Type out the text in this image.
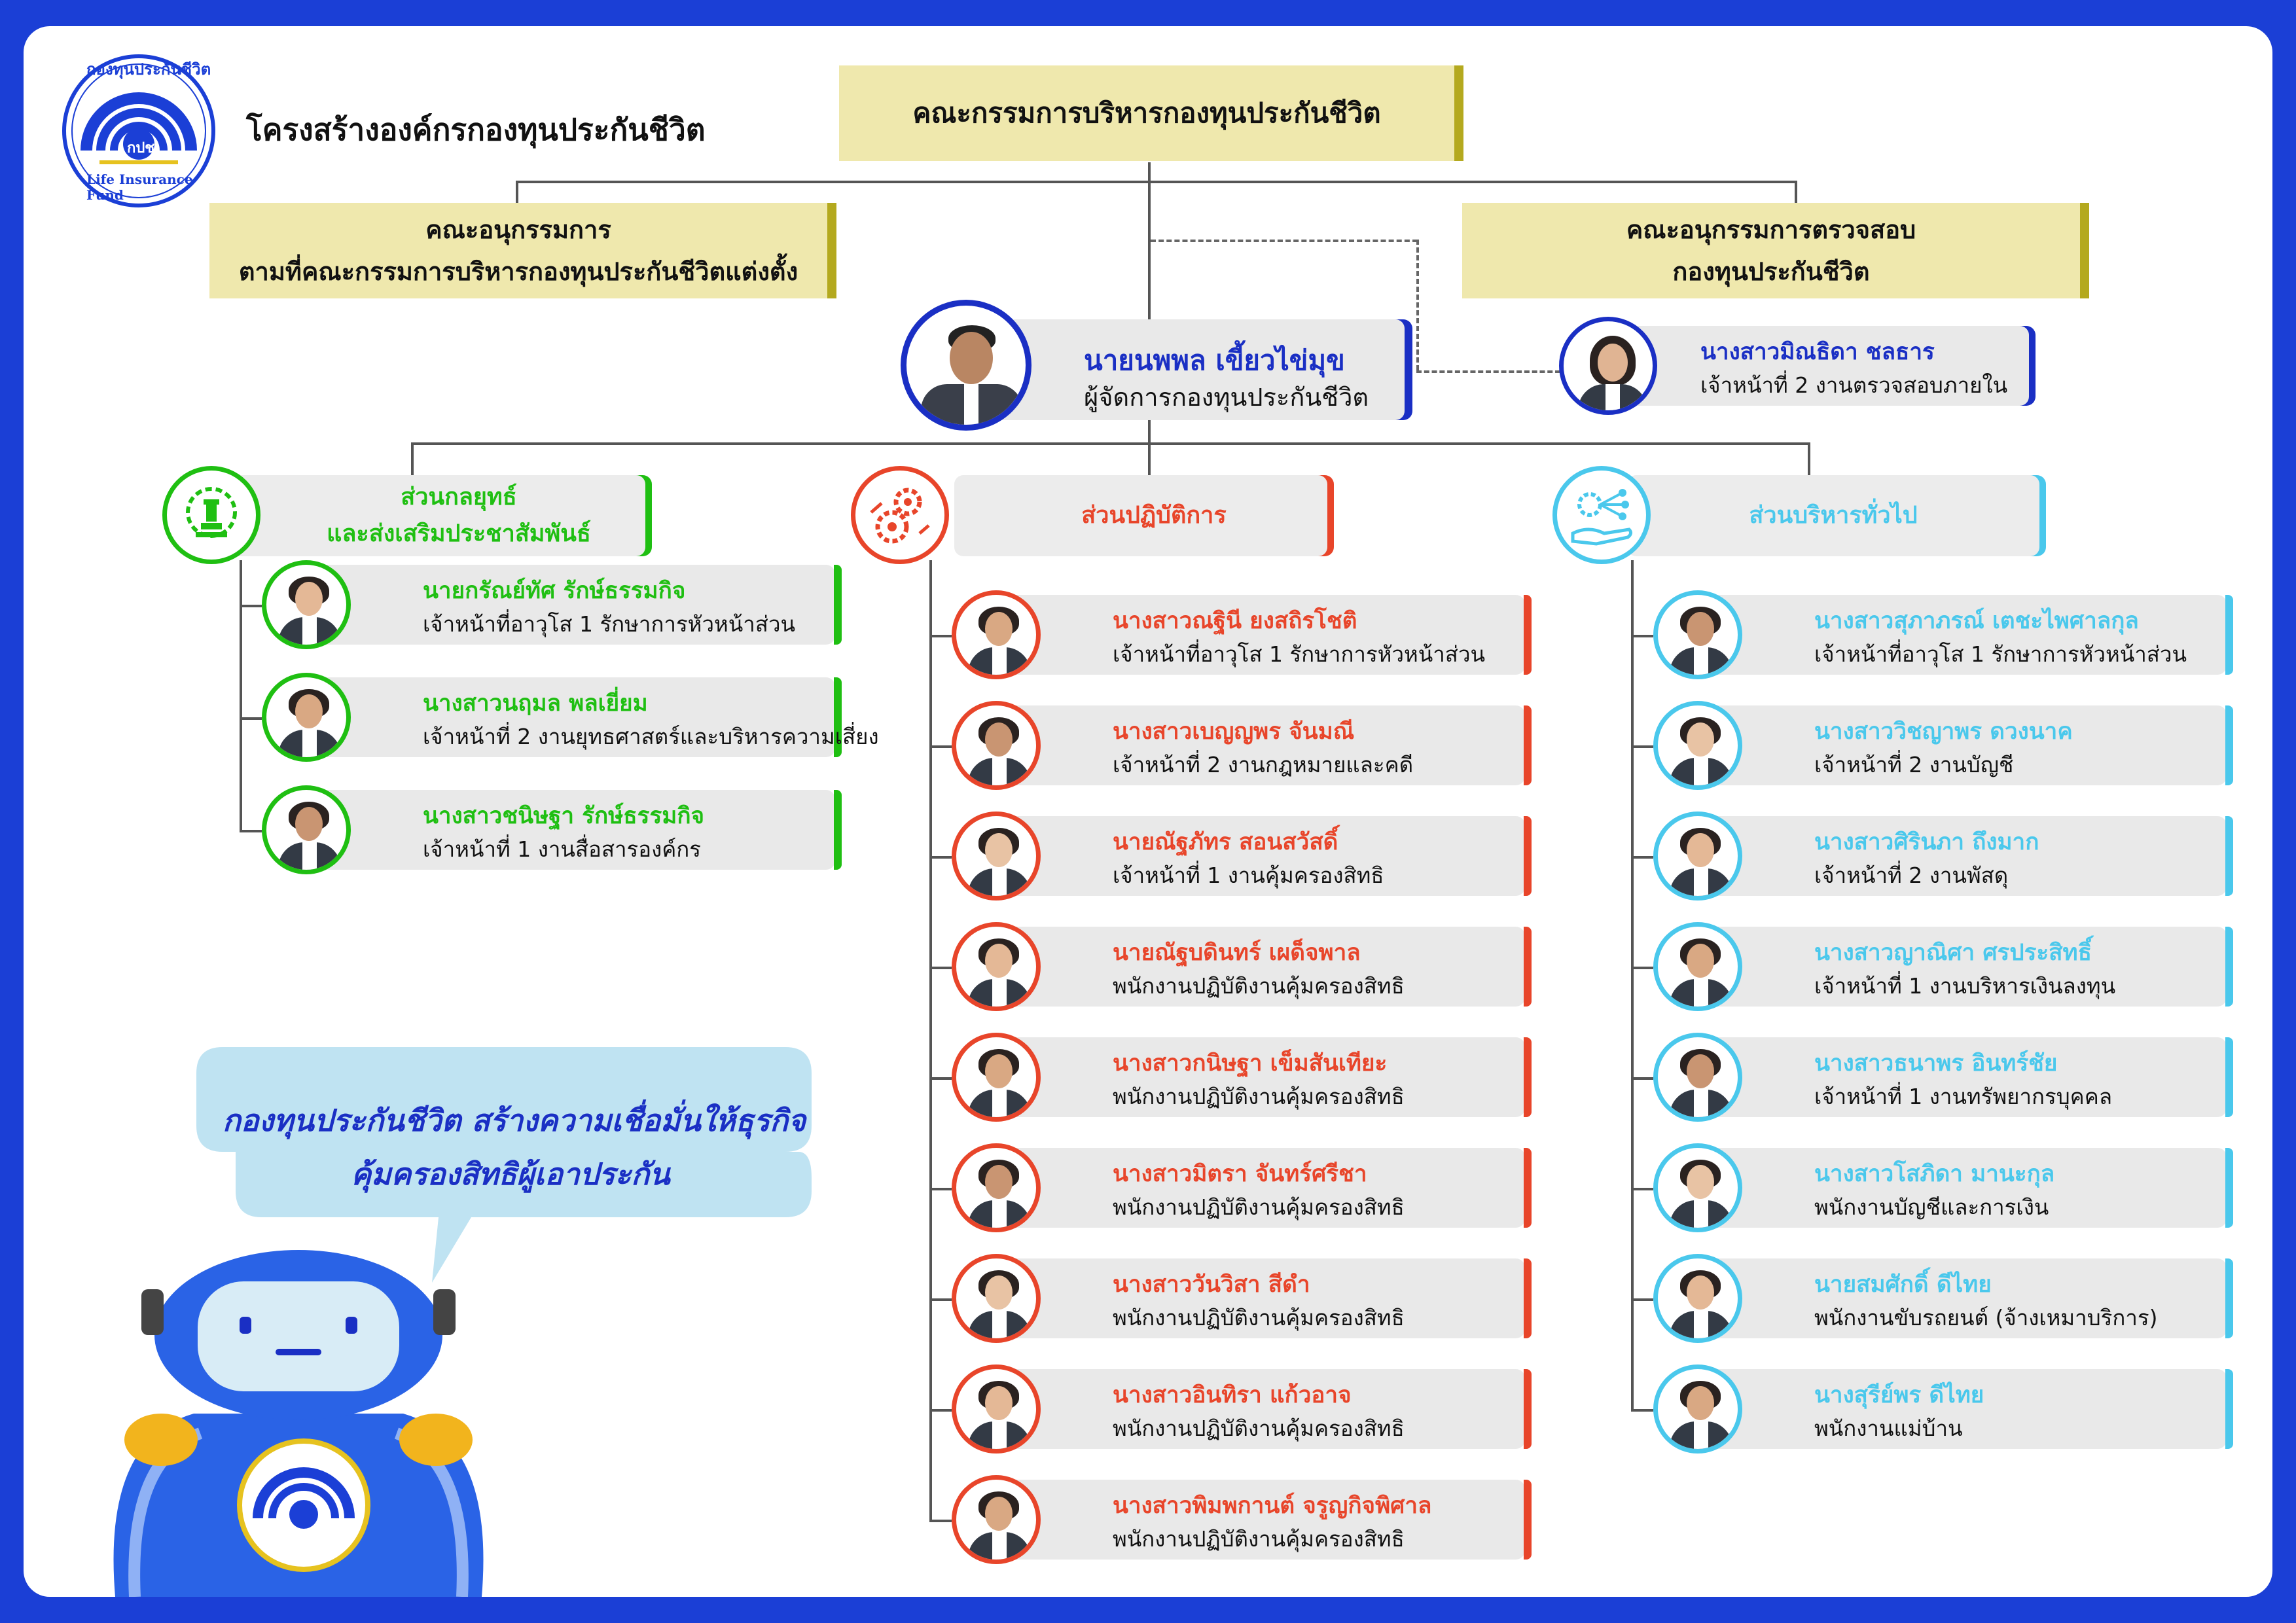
กองทุนประกันชีวิต
กปช.
Life Insurance Fund
โครงสร้างองค์กรกองทุนประกันชีวิต	คณะกรรมการบริหารกองทุนประกันชีวิต
คณะอนุกรรมการ
ตามที่คณะกรรมการบริหารกองทุนประกันชีวิตแต่งตั้ง
คณะอนุกรรมการตรวจสอบ
กองทุนประกันชีวิต
นายนพพล เขี้ยวไข่มุข
ผู้จัดการกองทุนประกันชีวิต
นางสาวมิณธิดา ชลธาร
เจ้าหน้าที่ 2 งานตรวจสอบภายใน
ส่วนกลยุทธ์
และส่งเสริมประชาสัมพันธ์
ส่วนปฏิบัติการ	ส่วนบริหารทั่วไป
นายกรัณย์ทัศ รักษ์ธรรมกิจ
เจ้าหน้าที่อาวุโส 1 รักษาการหัวหน้าส่วน
นางสาวนฤมล พลเยี่ยม
เจ้าหน้าที่ 2 งานยุทธศาสตร์และบริหารความเสี่ยง
นางสาวชนิษฐา รักษ์ธรรมกิจ
เจ้าหน้าที่ 1 งานสื่อสารองค์กร
นางสาวณฐินี ยงสถิรโชติ
เจ้าหน้าที่อาวุโส 1 รักษาการหัวหน้าส่วน
นางสาวเบญญพร จันมณี
เจ้าหน้าที่ 2 งานกฎหมายและคดี
นายณัฐภัทร สอนสวัสดิ์
เจ้าหน้าที่ 1 งานคุ้มครองสิทธิ
นายณัฐบดินทร์ เผด็จพาล
พนักงานปฏิบัติงานคุ้มครองสิทธิ
นางสาวกนิษฐา เข็มสันเทียะ
พนักงานปฏิบัติงานคุ้มครองสิทธิ
นางสาวมิตรา จันทร์ศรีชา
พนักงานปฏิบัติงานคุ้มครองสิทธิ
นางสาววันวิสา สีดำ
พนักงานปฏิบัติงานคุ้มครองสิทธิ
นางสาวอินทิรา แก้วอาจ
พนักงานปฏิบัติงานคุ้มครองสิทธิ
นางสาวพิมพกานต์ จรูญกิจพิศาล
พนักงานปฏิบัติงานคุ้มครองสิทธิ
นางสาวสุภาภรณ์ เตชะไพศาลกุล
เจ้าหน้าที่อาวุโส 1 รักษาการหัวหน้าส่วน
นางสาววิชญาพร ดวงนาค
เจ้าหน้าที่ 2 งานบัญชี
นางสาวศิรินภา ถึงมาก
เจ้าหน้าที่ 2 งานพัสดุ
นางสาวญาณิศา ศรประสิทธิ์
เจ้าหน้าที่ 1 งานบริหารเงินลงทุน
นางสาวธนาพร อินทร์ชัย
เจ้าหน้าที่ 1 งานทรัพยากรบุคคล
นางสาวโสภิดา มานะกุล
พนักงานบัญชีและการเงิน
นายสมศักดิ์ ดีไทย
พนักงานขับรถยนต์ (จ้างเหมาบริการ)
นางสุรีย์พร ดีไทย
พนักงานแม่บ้าน
กองทุนประกันชีวิต สร้างความเชื่อมั่นให้ธุรกิจ
คุ้มครองสิทธิผู้เอาประกัน
